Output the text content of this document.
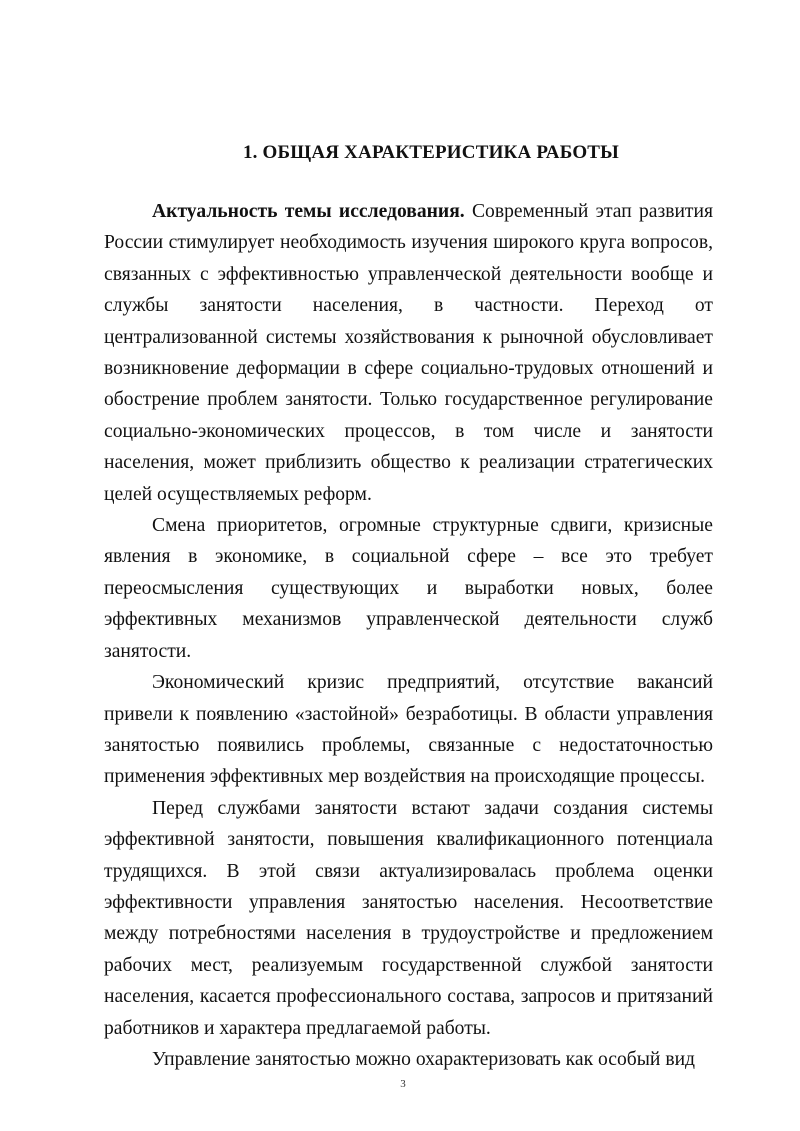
1. ОБЩАЯ ХАРАКТЕРИСТИКА РАБОТЫ

Актуальность темы исследования. Современный этап развития России стимулирует необходимость изучения широкого круга вопросов, связанных с эффективностью управленческой деятельности вообще и службы занятости населения, в частности. Переход от централизованной системы хозяйствования к рыночной обусловливает возникновение деформации в сфере социально-трудовых отношений и обострение проблем занятости. Только государственное регулирование социально-экономических процессов, в том числе и занятости населения, может приблизить общество к реализации стратегических целей осуществляемых реформ.

Смена приоритетов, огромные структурные сдвиги, кризисные явления в экономике, в социальной сфере – все это требует переосмысления существующих и выработки новых, более эффективных механизмов управленческой деятельности служб занятости.

Экономический кризис предприятий, отсутствие вакансий привели к появлению «застойной» безработицы. В области управления занятостью появились проблемы, связанные с недостаточностью применения эффективных мер воздействия на происходящие процессы.

Перед службами занятости встают задачи создания системы эффективной занятости, повышения квалификационного потенциала трудящихся. В этой связи актуализировалась проблема оценки эффективности управления занятостью населения. Несоответствие между потребностями населения в трудоустройстве и предложением рабочих мест, реализуемым государственной службой занятости населения, касается профессионального состава, запросов и притязаний работников и характера предлагаемой работы.

Управление занятостью можно охарактеризовать как особый вид

3
